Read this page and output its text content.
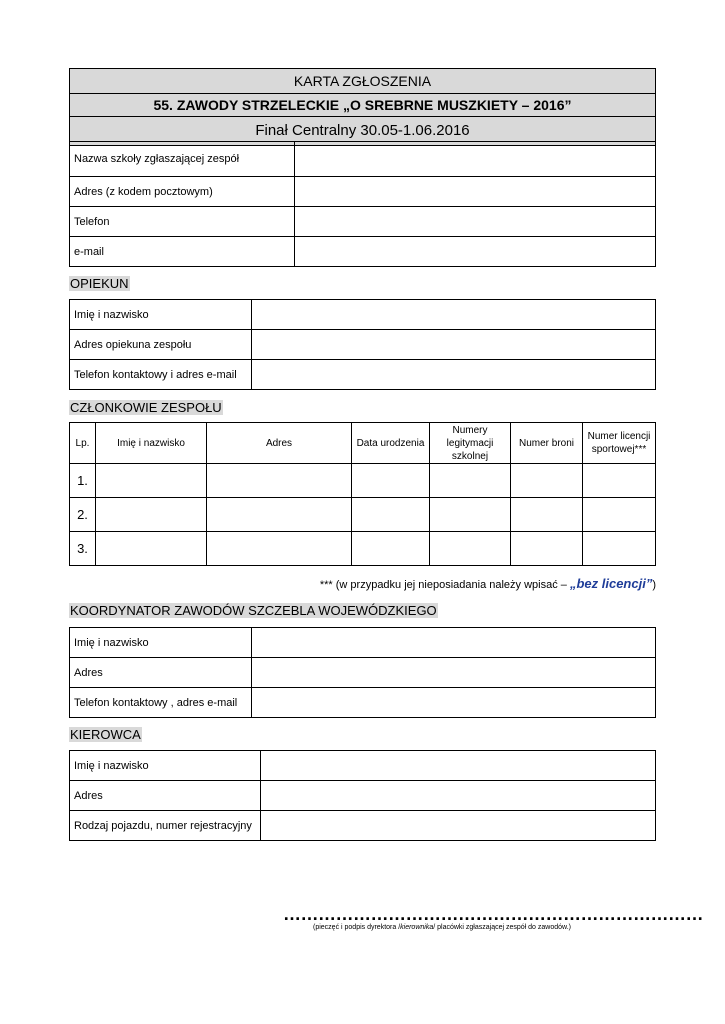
KARTA ZGŁOSZENIA
55. ZAWODY STRZELECKIE „O SREBRNE MUSZKIETY – 2016”
Finał Centralny 30.05-1.06.2016
Nazwa szkoły zgłaszającej zespół	
Adres (z kodem pocztowym)	
Telefon	
e-mail	
OPIEKUN
Imię i nazwisko	
Adres opiekuna zespołu	
Telefon kontaktowy i adres e-mail	
CZŁONKOWIE ZESPOŁU
Lp.	Imię i nazwisko	Adres	Data urodzenia	Numery legitymacji szkolnej	Numer broni	Numer licencji sportowej***
1.						
2.						
3.						
*** (w przypadku jej nieposiadania należy wpisać – „bez licencji”)
KOORDYNATOR ZAWODÓW SZCZEBLA WOJEWÓDZKIEGO
Imię i nazwisko	
Adres	
Telefon kontaktowy , adres e-mail	
KIEROWCA
Imię i nazwisko	
Adres	
Rodzaj pojazdu, numer rejestracyjny	
………………………………………………………………
(pieczęć i podpis dyrektora /kierownika/ placówki zgłaszającej zespół do zawodów.)
